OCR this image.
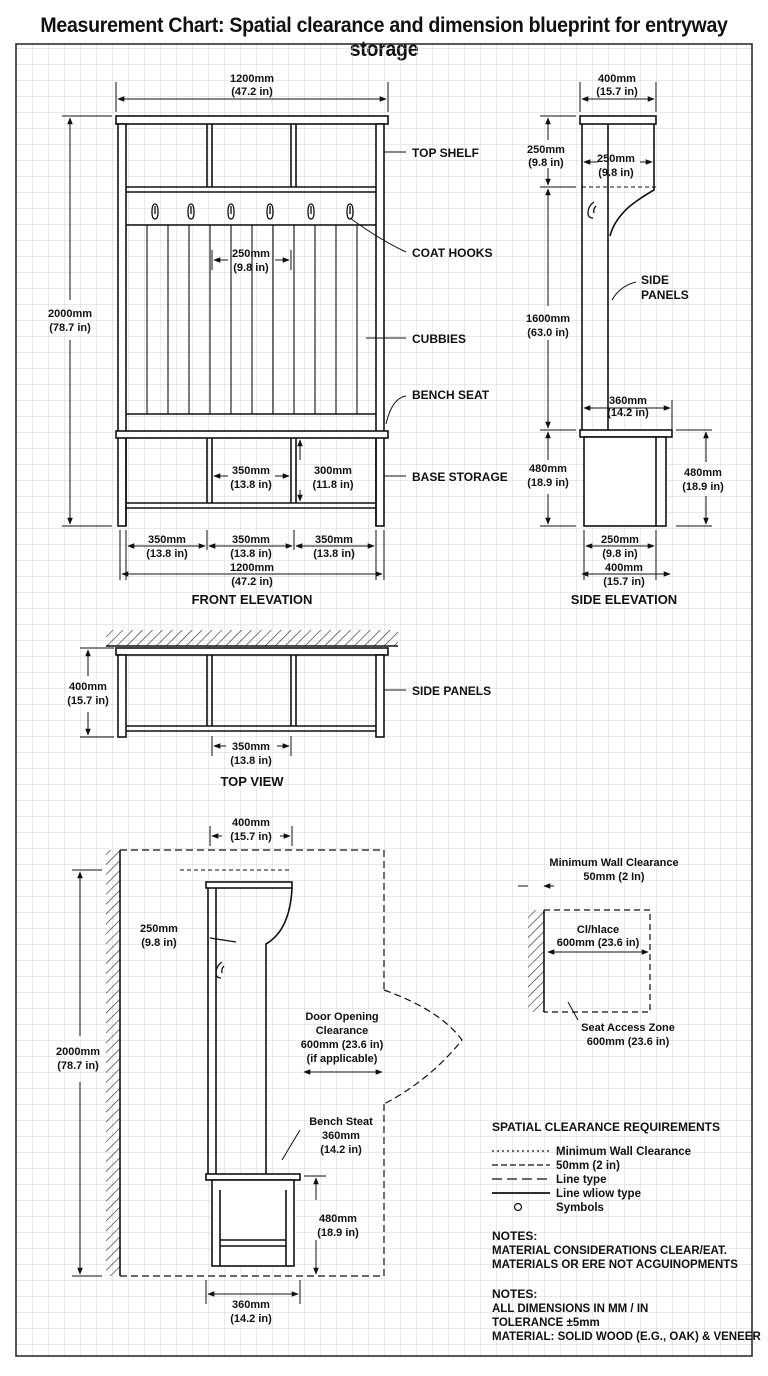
Measurement Chart: Spatial clearance and dimension blueprint for entryway
1200mm
(47.2 in)
2000mm
(78.7 in)
250mm
(9.8 in)
350mm
(13.8 in)
300mm
(11.8 in)
350mm
(13.8 in)
350mm
(13.8 in)
350mm
(13.8 in)
1200mm
(47.2 in)
FRONT ELEVATION
TOP SHELF
COAT HOOKS
CUBBIES
BENCH SEAT
BASE STORAGE
SIDE PANELS
400mm
(15.7 in)
250mm
(9.8 in)	250mm
(9.8 in)
SIDE
PANELS
1600mm
(63.0 in)
360mm
(14.2 in)
480mm
(18.9 in)
480mm
(18.9 in)
250mm
(9.8 in)
400mm
(15.7 in)
SIDE ELEVATION
400mm
(15.7 in)
350mm
(13.8 in)
TOP VIEW
400mm
(15.7 in)
250mm
(9.8 in)
2000mm
(78.7 in)
Door Opening
Clearance
600mm (23.6 in)
(if applicable)
Bench Steat
360mm
(14.2 in)
480mm
(18.9 in)
360mm
(14.2 in)
Minimum Wall Clearance
50mm (2 In)
Cl/hlace
600mm (23.6 in)
Seat Access Zone
600mm (23.6 in)
SPATIAL CLEARANCE REQUIREMENTS
Minimum Wall Clearance
50mm (2 in)
Line type
Line wliow type
Symbols
NOTES:
MATERIAL CONSIDERATIONS CLEAR/EAT.
MATERIALS OR ERE NOT ACGUINOPMENTS
NOTES:
ALL DIMENSIONS IN MM / IN
TOLERANCE ±5mm
MATERIAL: SOLID WOOD (E.G., OAK) & VENEER
